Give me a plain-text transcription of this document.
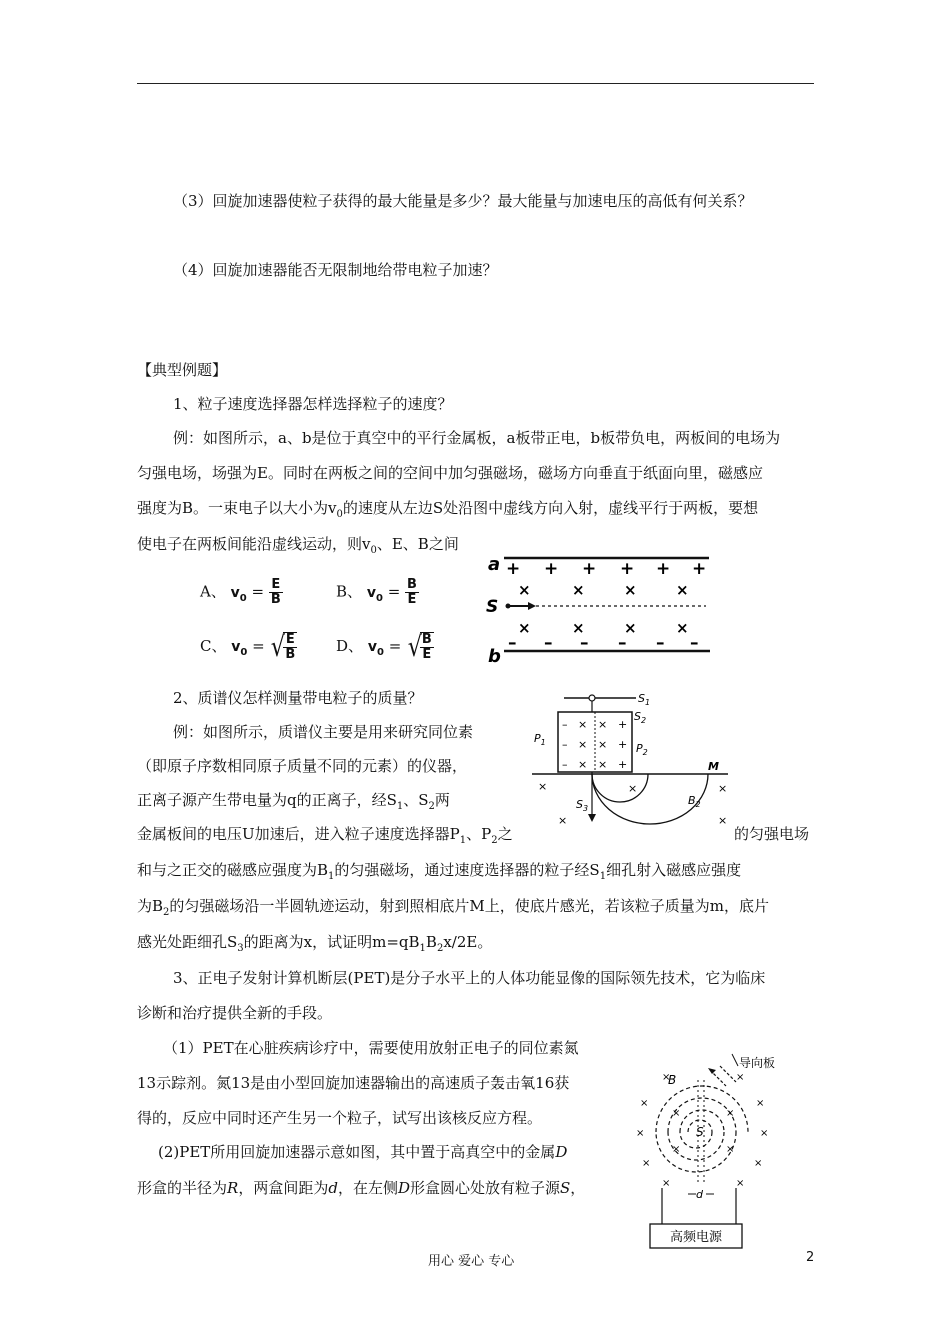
（3）回旋加速器使粒子获得的最大能量是多少？最大能量与加速电压的高低有何关系？
（4）回旋加速器能否无限制地给带电粒子加速？
【典型例题】
1、粒子速度选择器怎样选择粒子的速度？
例：如图所示，a、b是位于真空中的平行金属板，a板带正电，b板带负电，两板间的电场为
匀强电场，场强为E。同时在两板之间的空间中加匀强磁场，磁场方向垂直于纸面向里，磁感应
强度为B。一束电子以大小为$v_0$的速度从左边S处沿图中虚线方向入射，虚线平行于两板，要想
使电子在两板间能沿虚线运动，则$v_0$、E、B之间
A、 $v_0 = \frac{E}{B}$	B、 $v_0 = \frac{B}{E}$
C、 $v_0$ = √
$\frac{E}{B}$	D、 $v_0$ = √
$\frac{B}{E}$
a + + + + + +
×	×	×	×
S
×	×	×	×
– – – – – –
b
2、质谱仪怎样测量带电粒子的质量？
例：如图所示，质谱仪主要是用来研究同位素
（即原子序数相同原子质量不同的元素）的仪器，
正离子源产生带电量为q的正离子，经$S_1$、$S_2$两
金属板间的电压U加速后，进入粒子速度选择器$P_1$、$P_2$之	的匀强电场
和与之正交的磁感应强度为$B_1$的匀强磁场，通过速度选择器的粒子经$S_1$细孔射入磁感应强度
为$B_2$的匀强磁场沿一半圆轨迹运动，射到照相底片M上，使底片感光，若该粒子质量为m，底片
感光处距细孔$S_3$的距离为x，试证明$m=qB_1B_2x/2E$。
$S_1$
$S_2$
$P_1$	$P_2$
– × × +
– × × +
– × × +	M
$S_3$
$B_2$
×
×
×	×
×
3、正电子发射计算机断层(PET)是分子水平上的人体功能显像的国际领先技术，它为临床
诊断和治疗提供全新的手段。
（1）PET在心脏疾病诊疗中，需要使用放射正电子的同位素氮
13示踪剂。氮13是由小型回旋加速器输出的高速质子轰击氧16获
得的，反应中同时还产生另一个粒子，试写出该核反应方程。
(2)PET所用回旋加速器示意如图，其中置于高真空中的金属D
形盒的半径为R，两盒间距为d，在左侧D形盒圆心处放有粒子源S，
导向板
B
S
×	×
×	×
×	×
×	×
×	×
×	×
×	×
d
高频电源
用心 爱心 专心	2
